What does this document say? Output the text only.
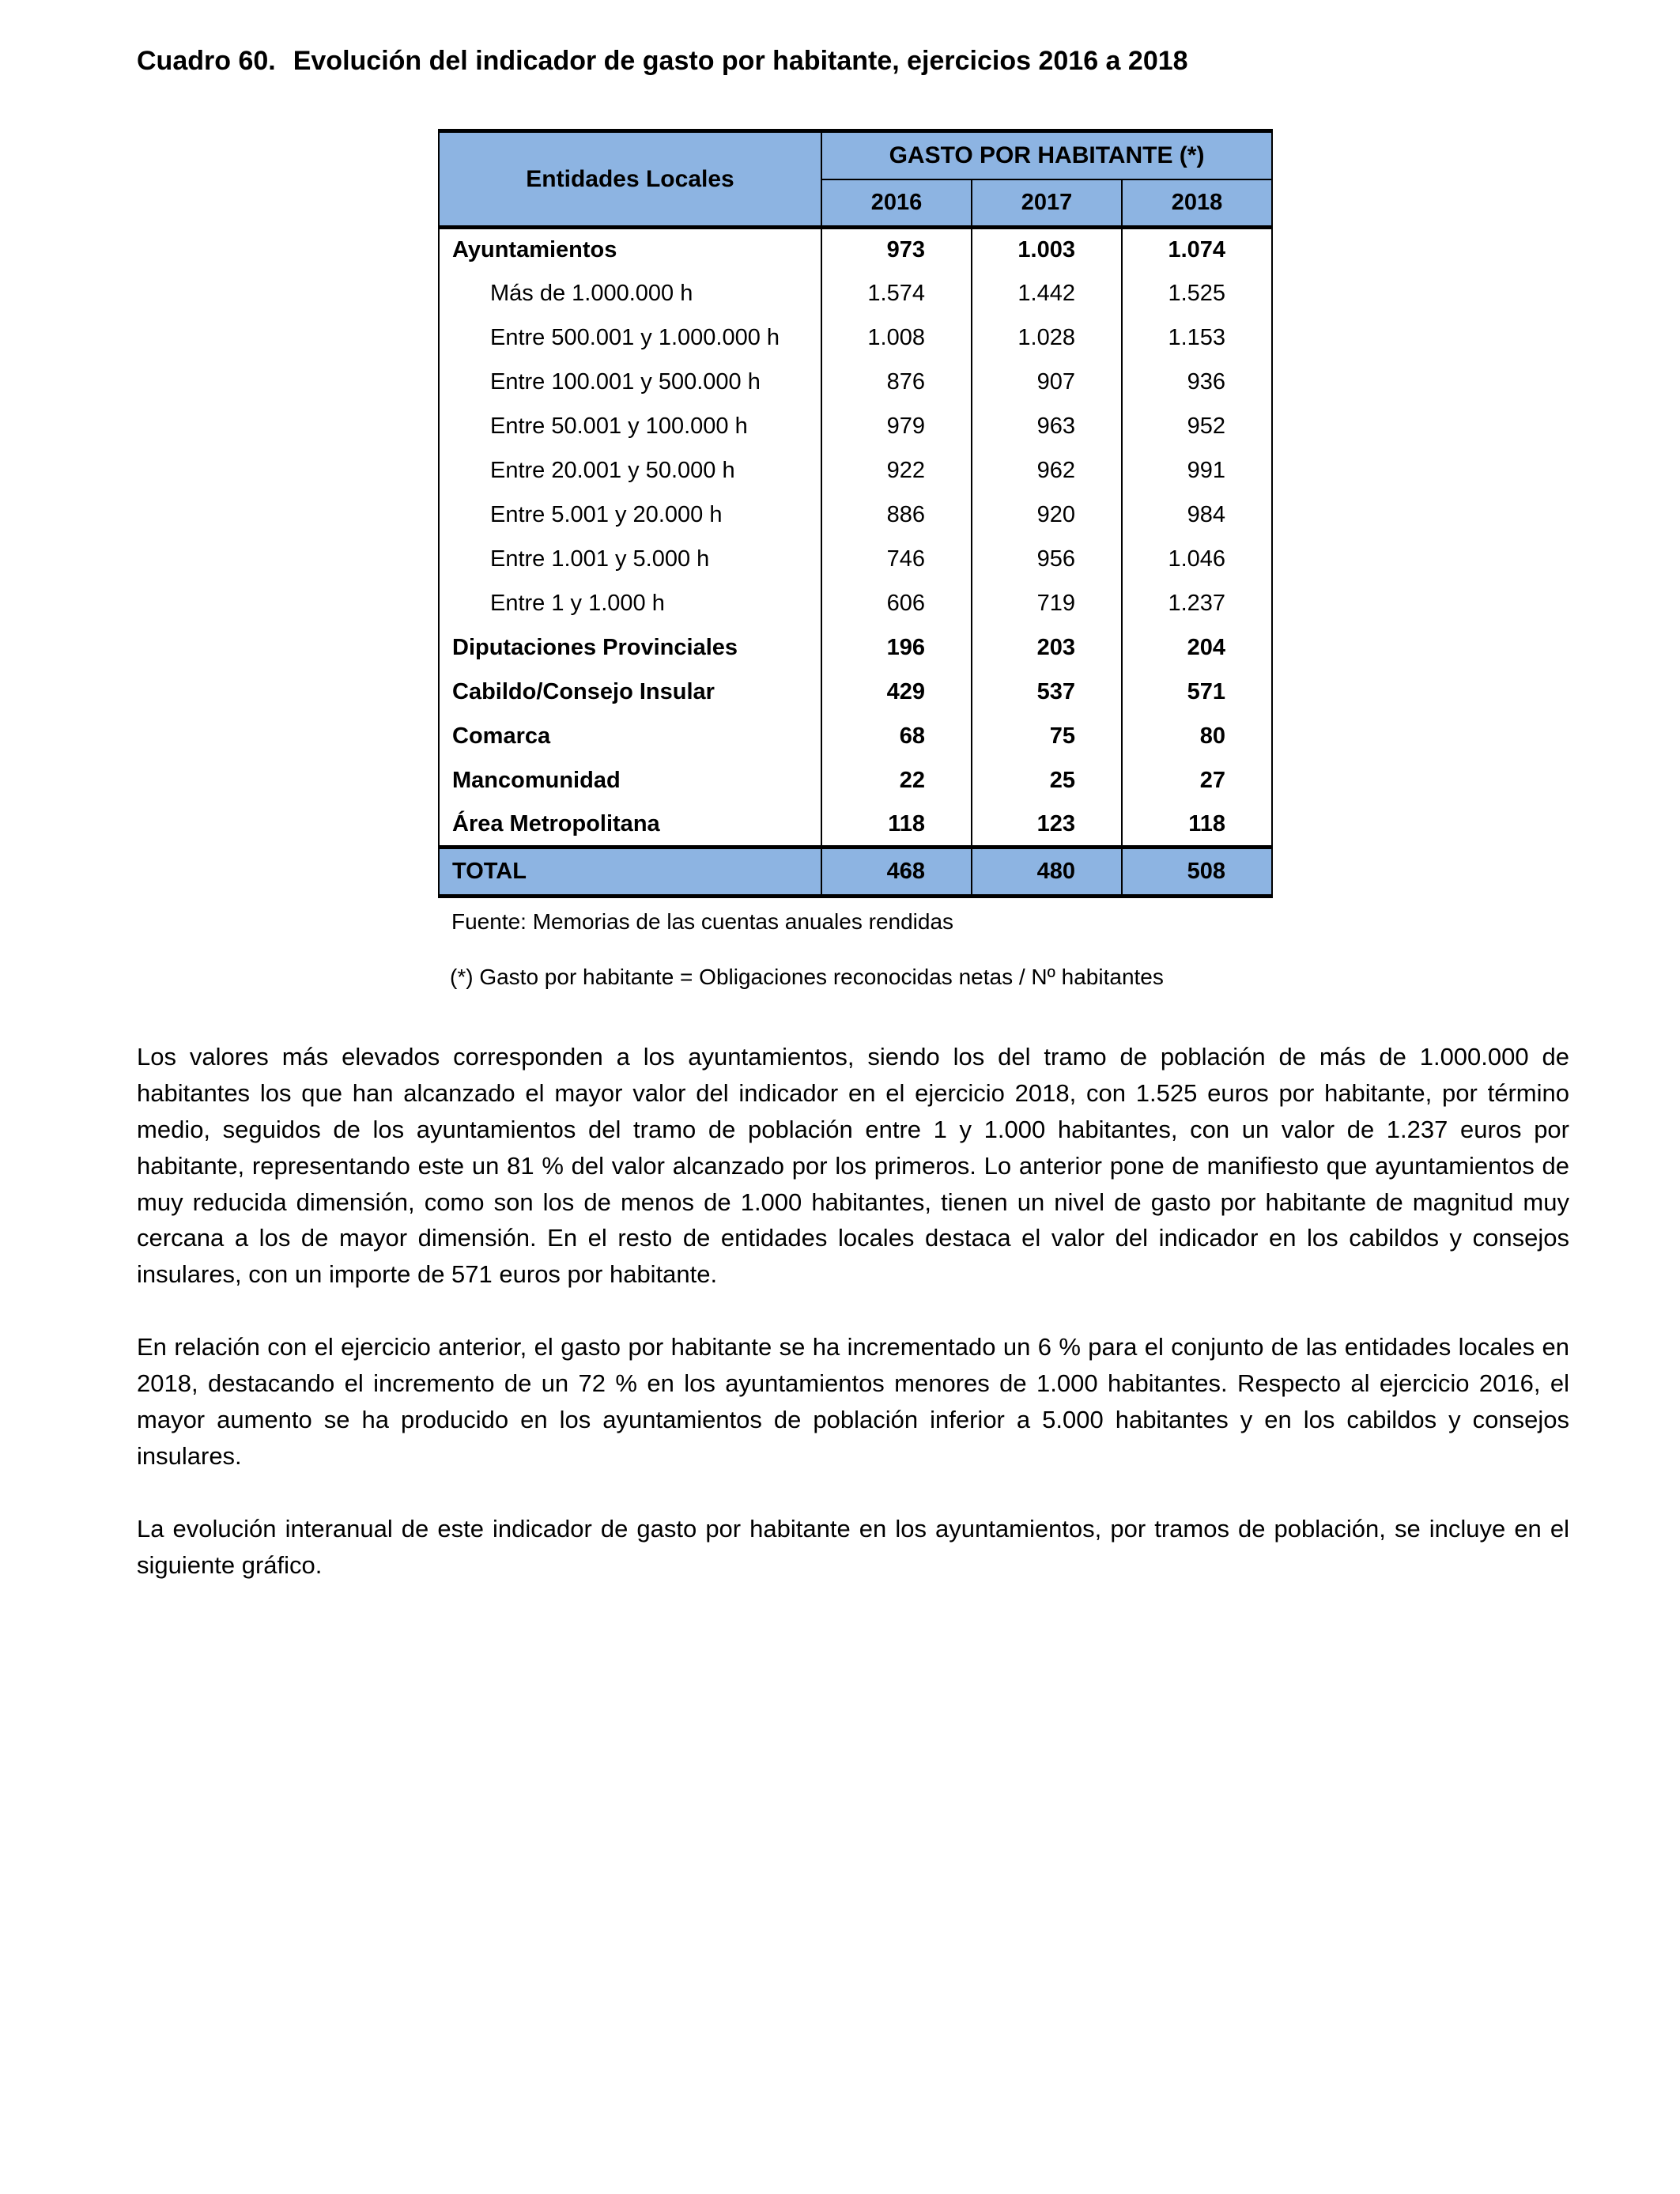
Cuadro 60. Evolución del indicador de gasto por habitante, ejercicios 2016 a 2018
Entidades Locales	GASTO POR HABITANTE (*)		
	2016	2017	2018
Ayuntamientos	973	1.003	1.074
Más de 1.000.000 h	1.574	1.442	1.525
Entre 500.001 y 1.000.000 h	1.008	1.028	1.153
Entre 100.001 y 500.000 h	876	907	936
Entre 50.001 y 100.000 h	979	963	952
Entre 20.001 y 50.000 h	922	962	991
Entre 5.001 y 20.000 h	886	920	984
Entre 1.001 y 5.000 h	746	956	1.046
Entre 1 y 1.000 h	606	719	1.237
Diputaciones Provinciales	196	203	204
Cabildo/Consejo Insular	429	537	571
Comarca	68	75	80
Mancomunidad	22	25	27
Área Metropolitana	118	123	118
TOTAL	468	480	508
Fuente: Memorias de las cuentas anuales rendidas
(*) Gasto por habitante = Obligaciones reconocidas netas / Nº habitantes

Los valores más elevados corresponden a los ayuntamientos, siendo los del tramo de población de más de 1.000.000 de habitantes los que han alcanzado el mayor valor del indicador en el ejercicio 2018, con 1.525 euros por habitante, por término medio, seguidos de los ayuntamientos del tramo de población entre 1 y 1.000 habitantes, con un valor de 1.237 euros por habitante, representando este un 81 % del valor alcanzado por los primeros. Lo anterior pone de manifiesto que ayuntamientos de muy reducida dimensión, como son los de menos de 1.000 habitantes, tienen un nivel de gasto por habitante de magnitud muy cercana a los de mayor dimensión. En el resto de entidades locales destaca el valor del indicador en los cabildos y consejos insulares, con un importe de 571 euros por habitante.

En relación con el ejercicio anterior, el gasto por habitante se ha incrementado un 6 % para el conjunto de las entidades locales en 2018, destacando el incremento de un 72 % en los ayuntamientos menores de 1.000 habitantes. Respecto al ejercicio 2016, el mayor aumento se ha producido en los ayuntamientos de población inferior a 5.000 habitantes y en los cabildos y consejos insulares.

La evolución interanual de este indicador de gasto por habitante en los ayuntamientos, por tramos de población, se incluye en el siguiente gráfico.
